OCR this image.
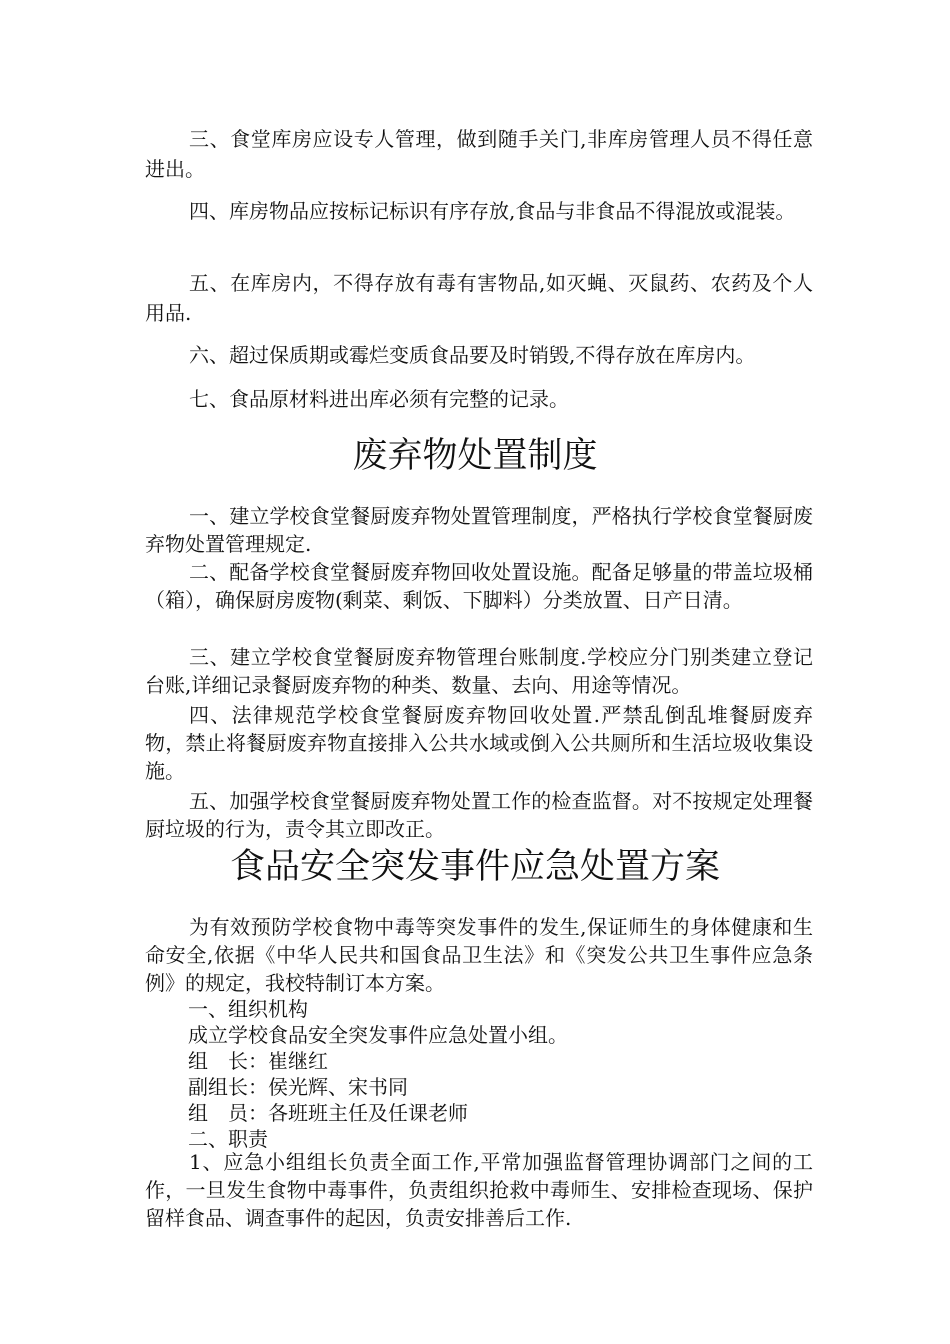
三、食堂库房应设专人管理，做到随手关门,非库房管理人员不得任意进出。

四、库房物品应按标记标识有序存放,食品与非食品不得混放或混装。

五、在库房内，不得存放有毒有害物品,如灭蝇、灭鼠药、农药及个人用品.

六、超过保质期或霉烂变质食品要及时销毁,不得存放在库房内。

七、食品原材料进出库必须有完整的记录。

废弃物处置制度

一、建立学校食堂餐厨废弃物处置管理制度，严格执行学校食堂餐厨废弃物处置管理规定.

二、配备学校食堂餐厨废弃物回收处置设施。配备足够量的带盖垃圾桶（箱），确保厨房废物(剩菜、剩饭、下脚料）分类放置、日产日清。

三、建立学校食堂餐厨废弃物管理台账制度.学校应分门别类建立登记台账,详细记录餐厨废弃物的种类、数量、去向、用途等情况。

四、法律规范学校食堂餐厨废弃物回收处置.严禁乱倒乱堆餐厨废弃物，禁止将餐厨废弃物直接排入公共水域或倒入公共厕所和生活垃圾收集设施。

五、加强学校食堂餐厨废弃物处置工作的检查监督。对不按规定处理餐厨垃圾的行为，责令其立即改正。

食品安全突发事件应急处置方案

为有效预防学校食物中毒等突发事件的发生,保证师生的身体健康和生命安全,依据《中华人民共和国食品卫生法》和《突发公共卫生事件应急条例》的规定，我校特制订本方案。

一、组织机构

成立学校食品安全突发事件应急处置小组。

组　长：崔继红

副组长：侯光辉、宋书同

组　员：各班班主任及任课老师

二、职责

1、应急小组组长负责全面工作,平常加强监督管理协调部门之间的工作，一旦发生食物中毒事件，负责组织抢救中毒师生、安排检查现场、保护留样食品、调查事件的起因，负责安排善后工作.
